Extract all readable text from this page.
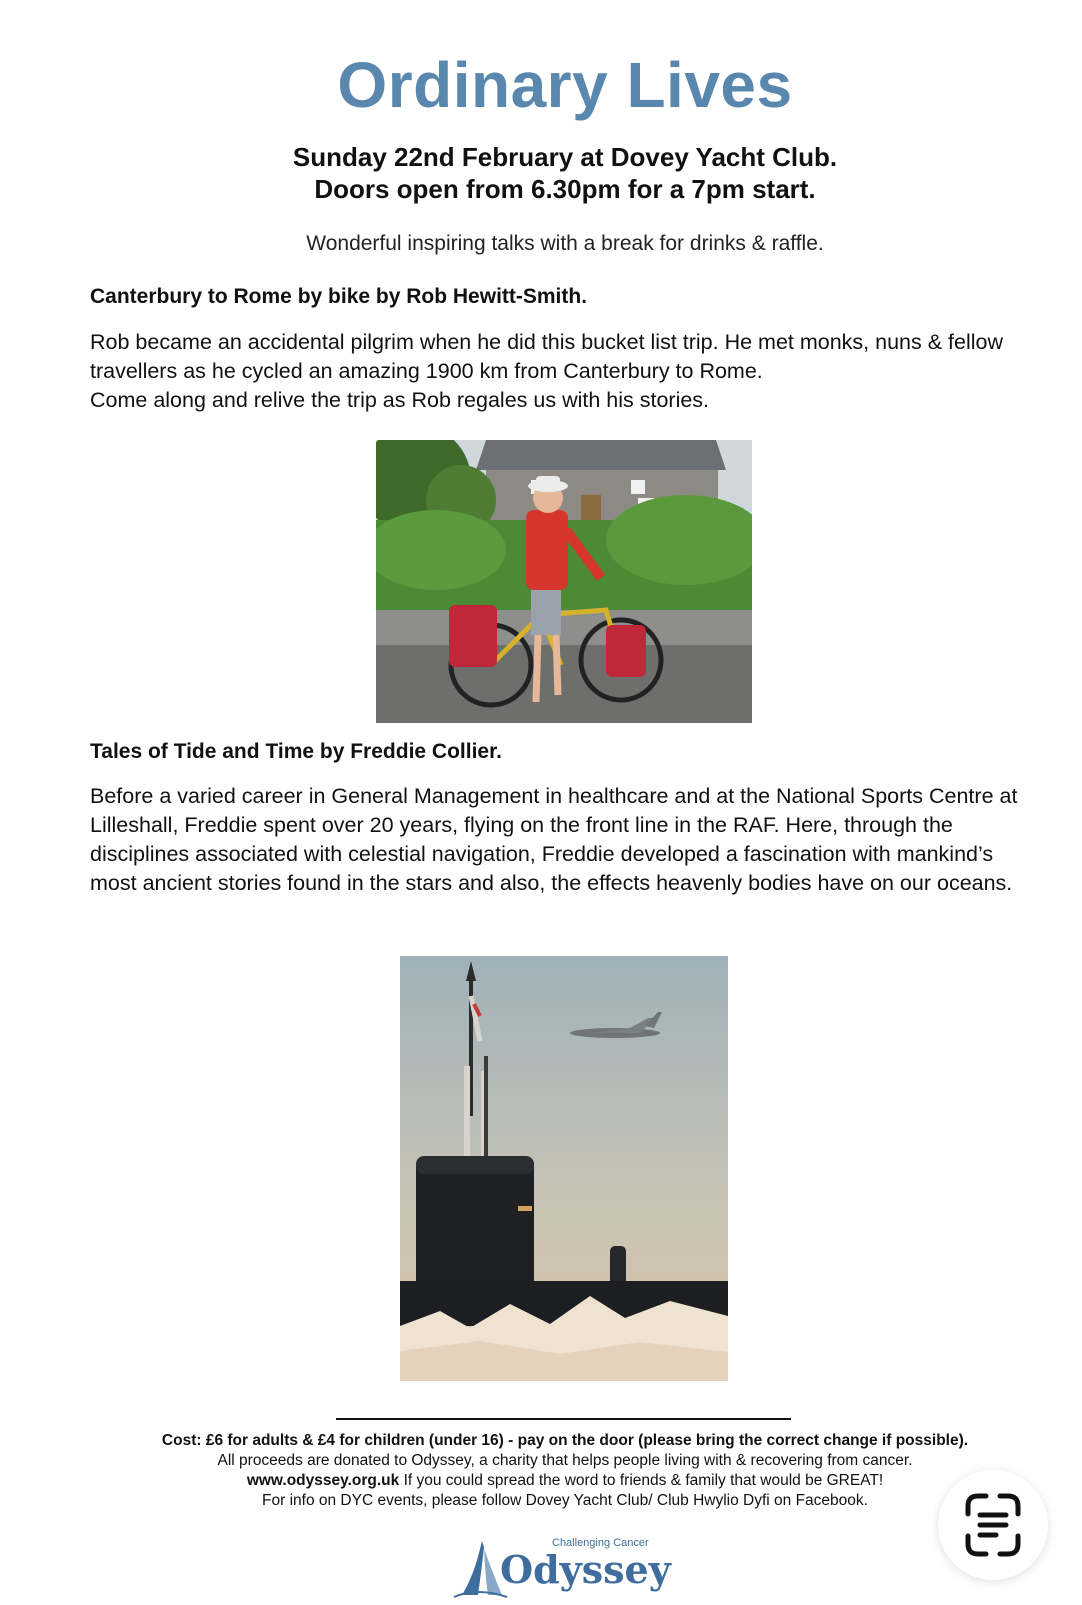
Ordinary Lives
Sunday 22nd February at Dovey Yacht Club.
Doors open from 6.30pm for a 7pm start.
Wonderful inspiring talks with a break for drinks & raffle.
Canterbury to Rome by bike by Rob Hewitt-Smith.

Rob became an accidental pilgrim when he did this bucket list trip. He met monks, nuns & fellow travellers as he cycled an amazing 1900 km from Canterbury to Rome.

Come along and relive the trip as Rob regales us with his stories.

Tales of Tide and Time by Freddie Collier.

Before a varied career in General Management in healthcare and at the National Sports Centre at Lilleshall, Freddie spent over 20 years, flying on the front line in the RAF. Here, through the disciplines associated with celestial navigation, Freddie developed a fascination with mankind’s most ancient stories found in the stars and also, the effects heavenly bodies have on our oceans.

Cost: £6 for adults & £4 for children (under 16) - pay on the door (please bring the correct change if possible).
All proceeds are donated to Odyssey, a charity that helps people living with & recovering from cancer.
www.odyssey.org.uk If you could spread the word to friends & family that would be GREAT!
For info on DYC events, please follow Dovey Yacht Club/ Club Hwylio Dyfi on Facebook.
Challenging Cancer
Odyssey
